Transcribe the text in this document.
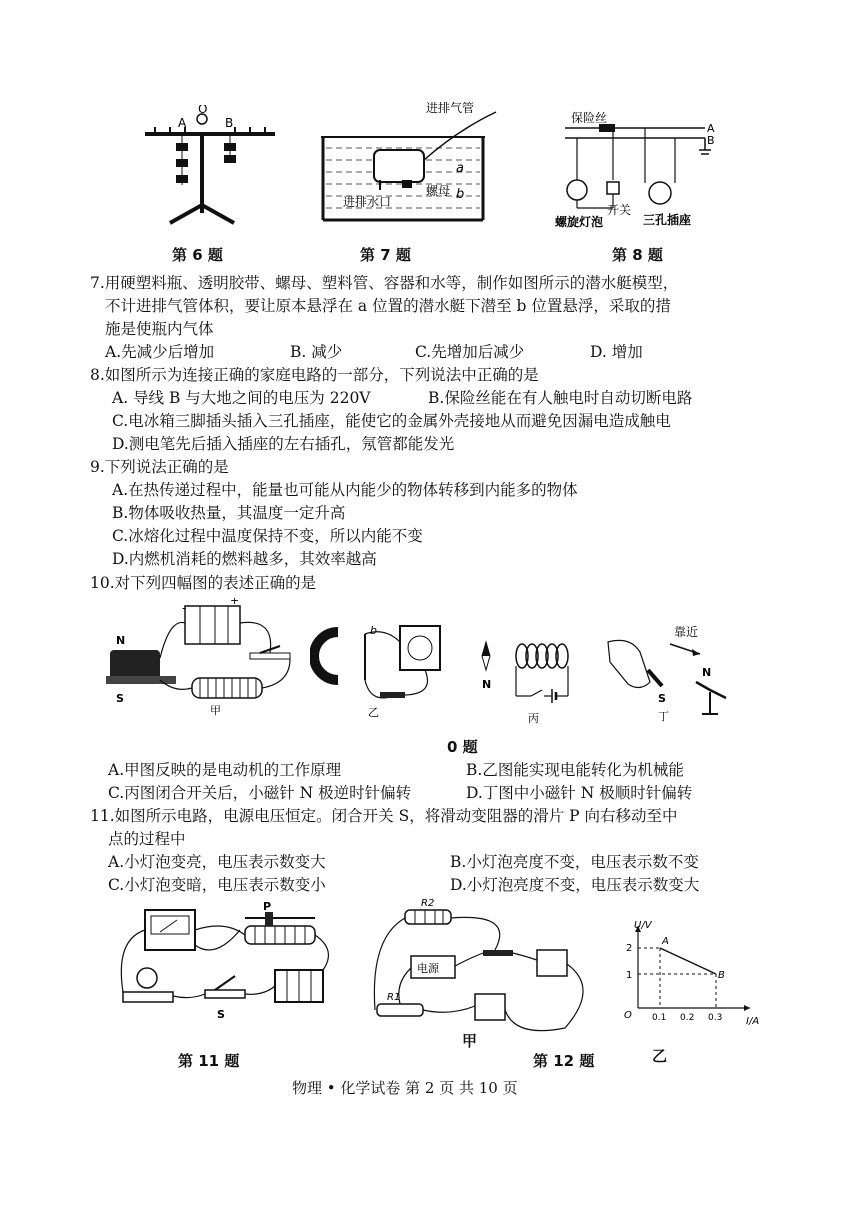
A
O
B
第 6 题
进排气管
螺母
进排水口
a
b
第 7 题
保险丝
A
B
螺旋灯泡
开关
三孔插座
第 8 题
7.用硬塑料瓶、透明胶带、螺母、塑料管、容器和水等，制作如图所示的潜水艇模型，
不计进排气管体积，要让原本悬浮在 a 位置的潜水艇下潜至 b 位置悬浮，采取的措
施是使瓶内气体
A.先减少后增加	B. 减少	C.先增加后减少	D. 增加
8.如图所示为连接正确的家庭电路的一部分，下列说法中正确的是
A. 导线 B 与大地之间的电压为 220V	B.保险丝能在有人触电时自动切断电路
C.电冰箱三脚插头插入三孔插座，能使它的金属外壳接地从而避免因漏电造成触电
D.测电笔先后插入插座的左右插孔，氖管都能发光
9.下列说法正确的是
A.在热传递过程中，能量也可能从内能少的物体转移到内能多的物体
B.物体吸收热量，其温度一定升高
C.冰熔化过程中温度保持不变，所以内能不变
D.内燃机消耗的燃料越多，其效率越高
10.对下列四幅图的表述正确的是
N
S
-
+
甲
b
乙
N
丙
靠近
N
S
丁
0 题
A.甲图反映的是电动机的工作原理	B.乙图能实现电能转化为机械能
C.丙图闭合开关后，小磁针 N 极逆时针偏转	D.丁图中小磁针 N 极顺时针偏转
11.如图所示电路，电源电压恒定。闭合开关 S，将滑动变阻器的滑片 P 向右移动至中
点的过程中
A.小灯泡变亮，电压表示数变大	B.小灯泡亮度不变，电压表示数不变
C.小灯泡变暗，电压表示数变小	D.小灯泡亮度不变，电压表示数变大
P
S
第 11 题
R2
电源
R1
甲
第 12 题
U/V
I/A
O
2
1
0.1 0.2 0.3
A
B
乙
物理 • 化学试卷 第 2 页 共 10 页
